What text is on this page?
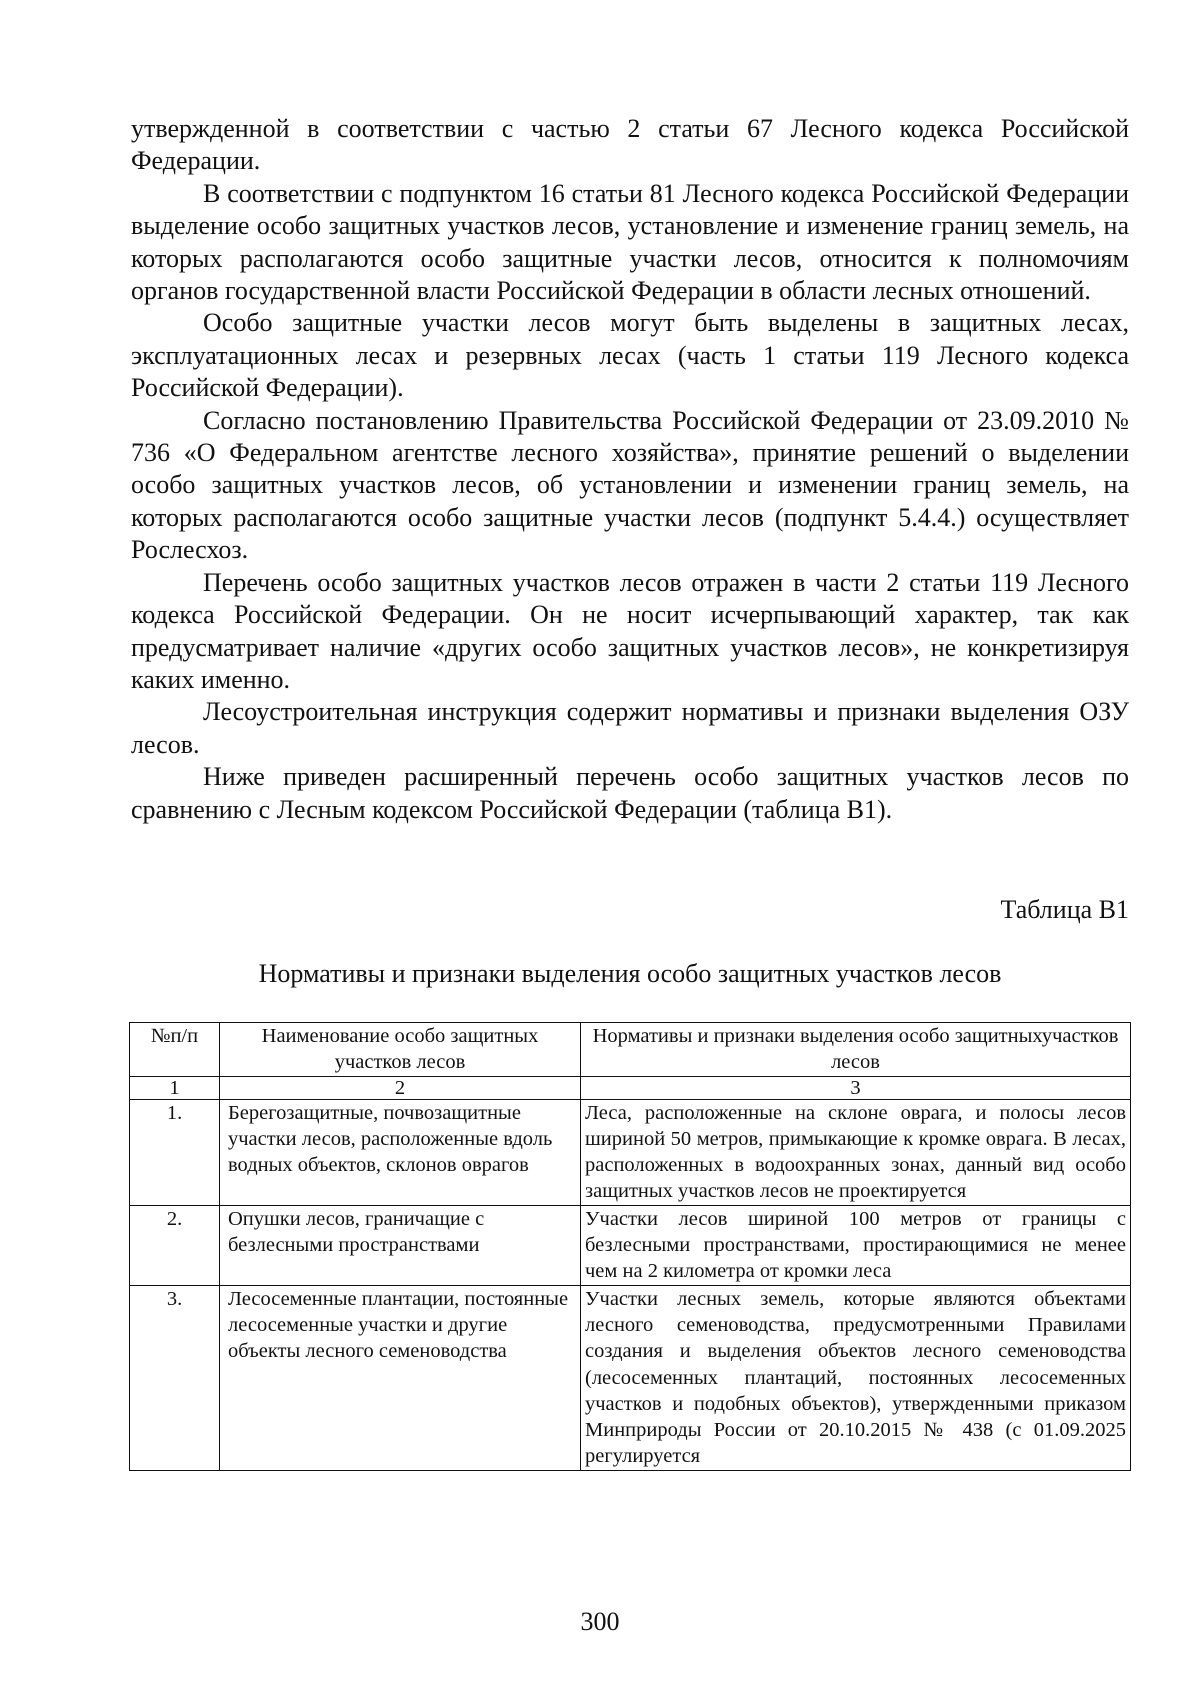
утвержденной в соответствии с частью 2 статьи 67 Лесного кодекса Российской Федерации.

В соответствии с подпунктом 16 статьи 81 Лесного кодекса Российской Федерации выделение особо защитных участков лесов, установление и изменение границ земель, на которых располагаются особо защитные участки лесов, относится к полномочиям органов государственной власти Российской Федерации в области лесных отношений.

Особо защитные участки лесов могут быть выделены в защитных лесах, эксплуатационных лесах и резервных лесах (часть 1 статьи 119 Лесного кодекса Российской Федерации).

Согласно постановлению Правительства Российской Федерации от 23.09.2010 № 736 «О Федеральном агентстве лесного хозяйства», принятие решений о выделении особо защитных участков лесов, об установлении и изменении границ земель, на которых располагаются особо защитные участки лесов (подпункт 5.4.4.) осуществляет Рослесхоз.

Перечень особо защитных участков лесов отражен в части 2 статьи 119 Лесного кодекса Российской Федерации. Он не носит исчерпывающий характер, так как предусматривает наличие «других особо защитных участков лесов», не конкретизируя каких именно.

Лесоустроительная инструкция содержит нормативы и признаки выделения ОЗУ лесов.

Ниже приведен расширенный перечень особо защитных участков лесов по сравнению с Лесным кодексом Российской Федерации (таблица В1).

Таблица В1
Нормативы и признаки выделения особо защитных участков лесов
№п/п	Наименование особо защитных участков лесов	Нормативы и признаки выделения особо защитныхучастков лесов
1	2	3
1.	Берегозащитные, почвозащитные участки лесов, расположенные вдоль водных объектов, склонов оврагов	Леса, расположенные на склоне оврага, и полосы лесов шириной 50 метров, примыкающие к кромке оврага. В лесах, расположенных в водоохранных зонах, данный вид особо защитных участков лесов не проектируется
2.	Опушки лесов, граничащие с безлесными пространствами	Участки лесов шириной 100 метров от границы с безлесными пространствами, простирающимися не менее чем на 2 километра от кромки леса
3.	Лесосеменные плантации, постоянные лесосеменные участки и другие объекты лесного семеноводства	Участки лесных земель, которые являются объектами лесного семеноводства, предусмотренными Правилами создания и выделения объектов лесного семеноводства (лесосеменных плантаций, постоянных лесосеменных участков и подобных объектов), утвержденными приказом Минприроды России от 20.10.2015 № 438 (с 01.09.2025 регулируется
300
